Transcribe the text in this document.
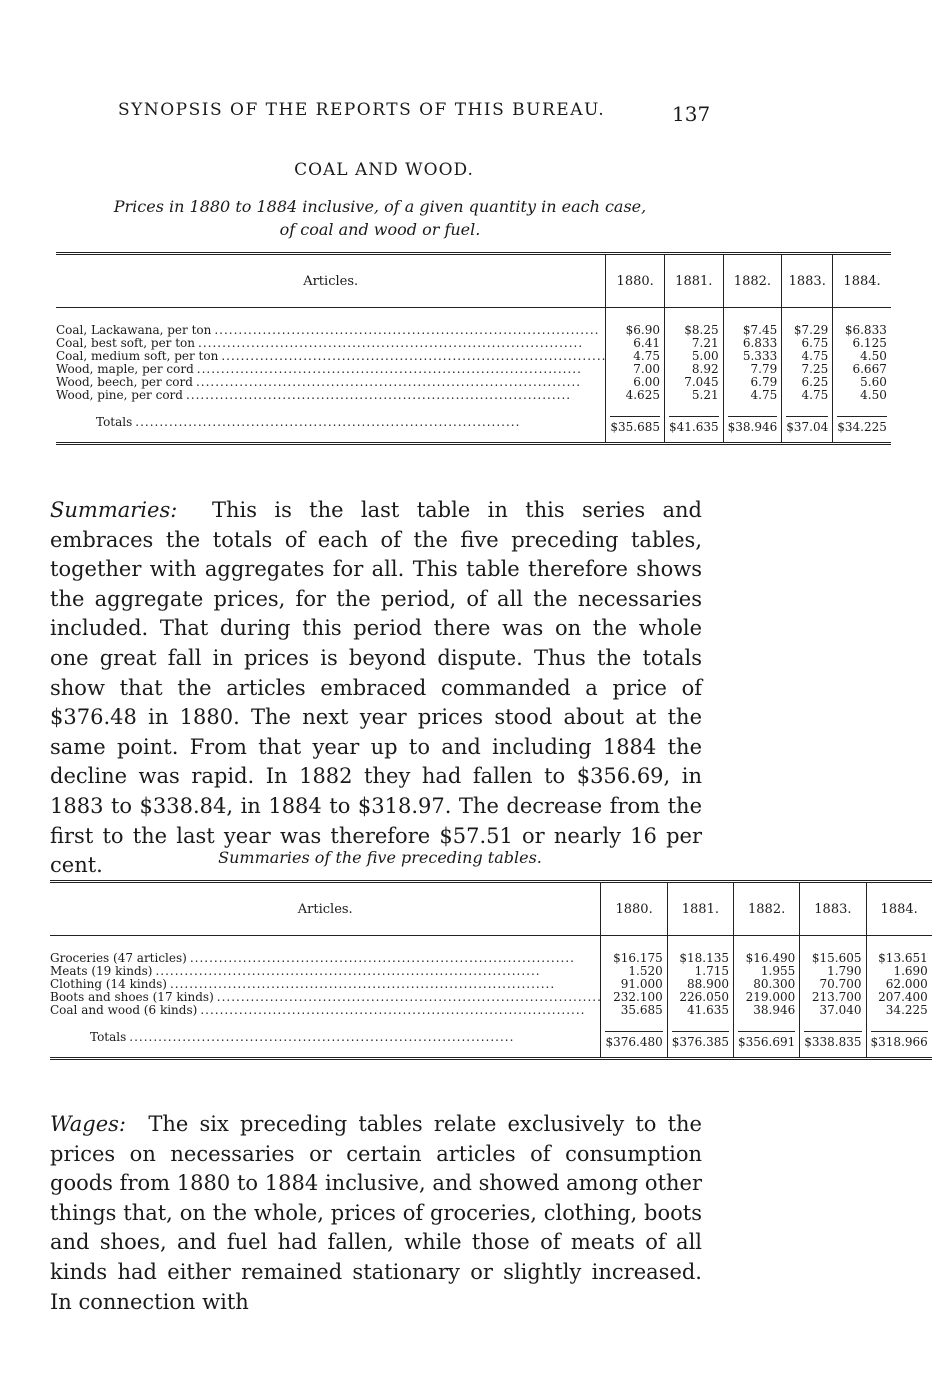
SYNOPSIS OF THE REPORTS OF THIS BUREAU.	137
COAL AND WOOD.
Prices in 1880 to 1884 inclusive, of a given quantity in each case,
of coal and wood or fuel.
Articles.	1880.	1881.	1882.	1883.	1884.
Coal, Lackawana, per ton ................................................................................	$6.90	$8.25	$7.45	$7.29	$6.833
Coal, best soft, per ton ................................................................................	6.41	7.21	6.833	6.75	6.125
Coal, medium soft, per ton ................................................................................	4.75	5.00	5.333	4.75	4.50
Wood, maple, per cord ................................................................................	7.00	8.92	7.79	7.25	6.667
Wood, beech, per cord ................................................................................	6.00	7.045	6.79	6.25	5.60
Wood, pine, per cord ................................................................................	4.625	5.21	4.75	4.75	4.50

Totals ................................................................................	$35.685	$41.635	$38.946	$37.04	$34.225
Summaries: This is the last table in this series and embraces the totals of each of the five preceding tables, together with aggregates for all. This table therefore shows the aggregate prices, for the period, of all the necessaries included. That during this period there was on the whole one great fall in prices is beyond dispute. Thus the totals show that the articles embraced commanded a price of $376.48 in 1880. The next year prices stood about at the same point. From that year up to and including 1884 the decline was rapid. In 1882 they had fallen to $356.69, in 1883 to $338.84, in 1884 to $318.97. The decrease from the first to the last year was therefore $57.51 or nearly 16 per cent.	Summaries of the five preceding tables.
Articles.	1880.	1881.	1882.	1883.	1884.
Groceries (47 articles) ................................................................................	$16.175	$18.135	$16.490	$15.605	$13.651
Meats (19 kinds) ................................................................................	1.520	1.715	1.955	1.790	1.690
Clothing (14 kinds) ................................................................................	91.000	88.900	80.300	70.700	62.000
Boots and shoes (17 kinds) ................................................................................	232.100	226.050	219.000	213.700	207.400
Coal and wood (6 kinds) ................................................................................	35.685	41.635	38.946	37.040	34.225

Totals ................................................................................	$376.480	$376.385	$356.691	$338.835	$318.966
Wages: The six preceding tables relate exclusively to the prices on necessaries or certain articles of consumption goods from 1880 to 1884 inclusive, and showed among other things that, on the whole, prices of groceries, clothing, boots and shoes, and fuel had fallen, while those of meats of all kinds had either remained stationary or slightly increased. In connection with
